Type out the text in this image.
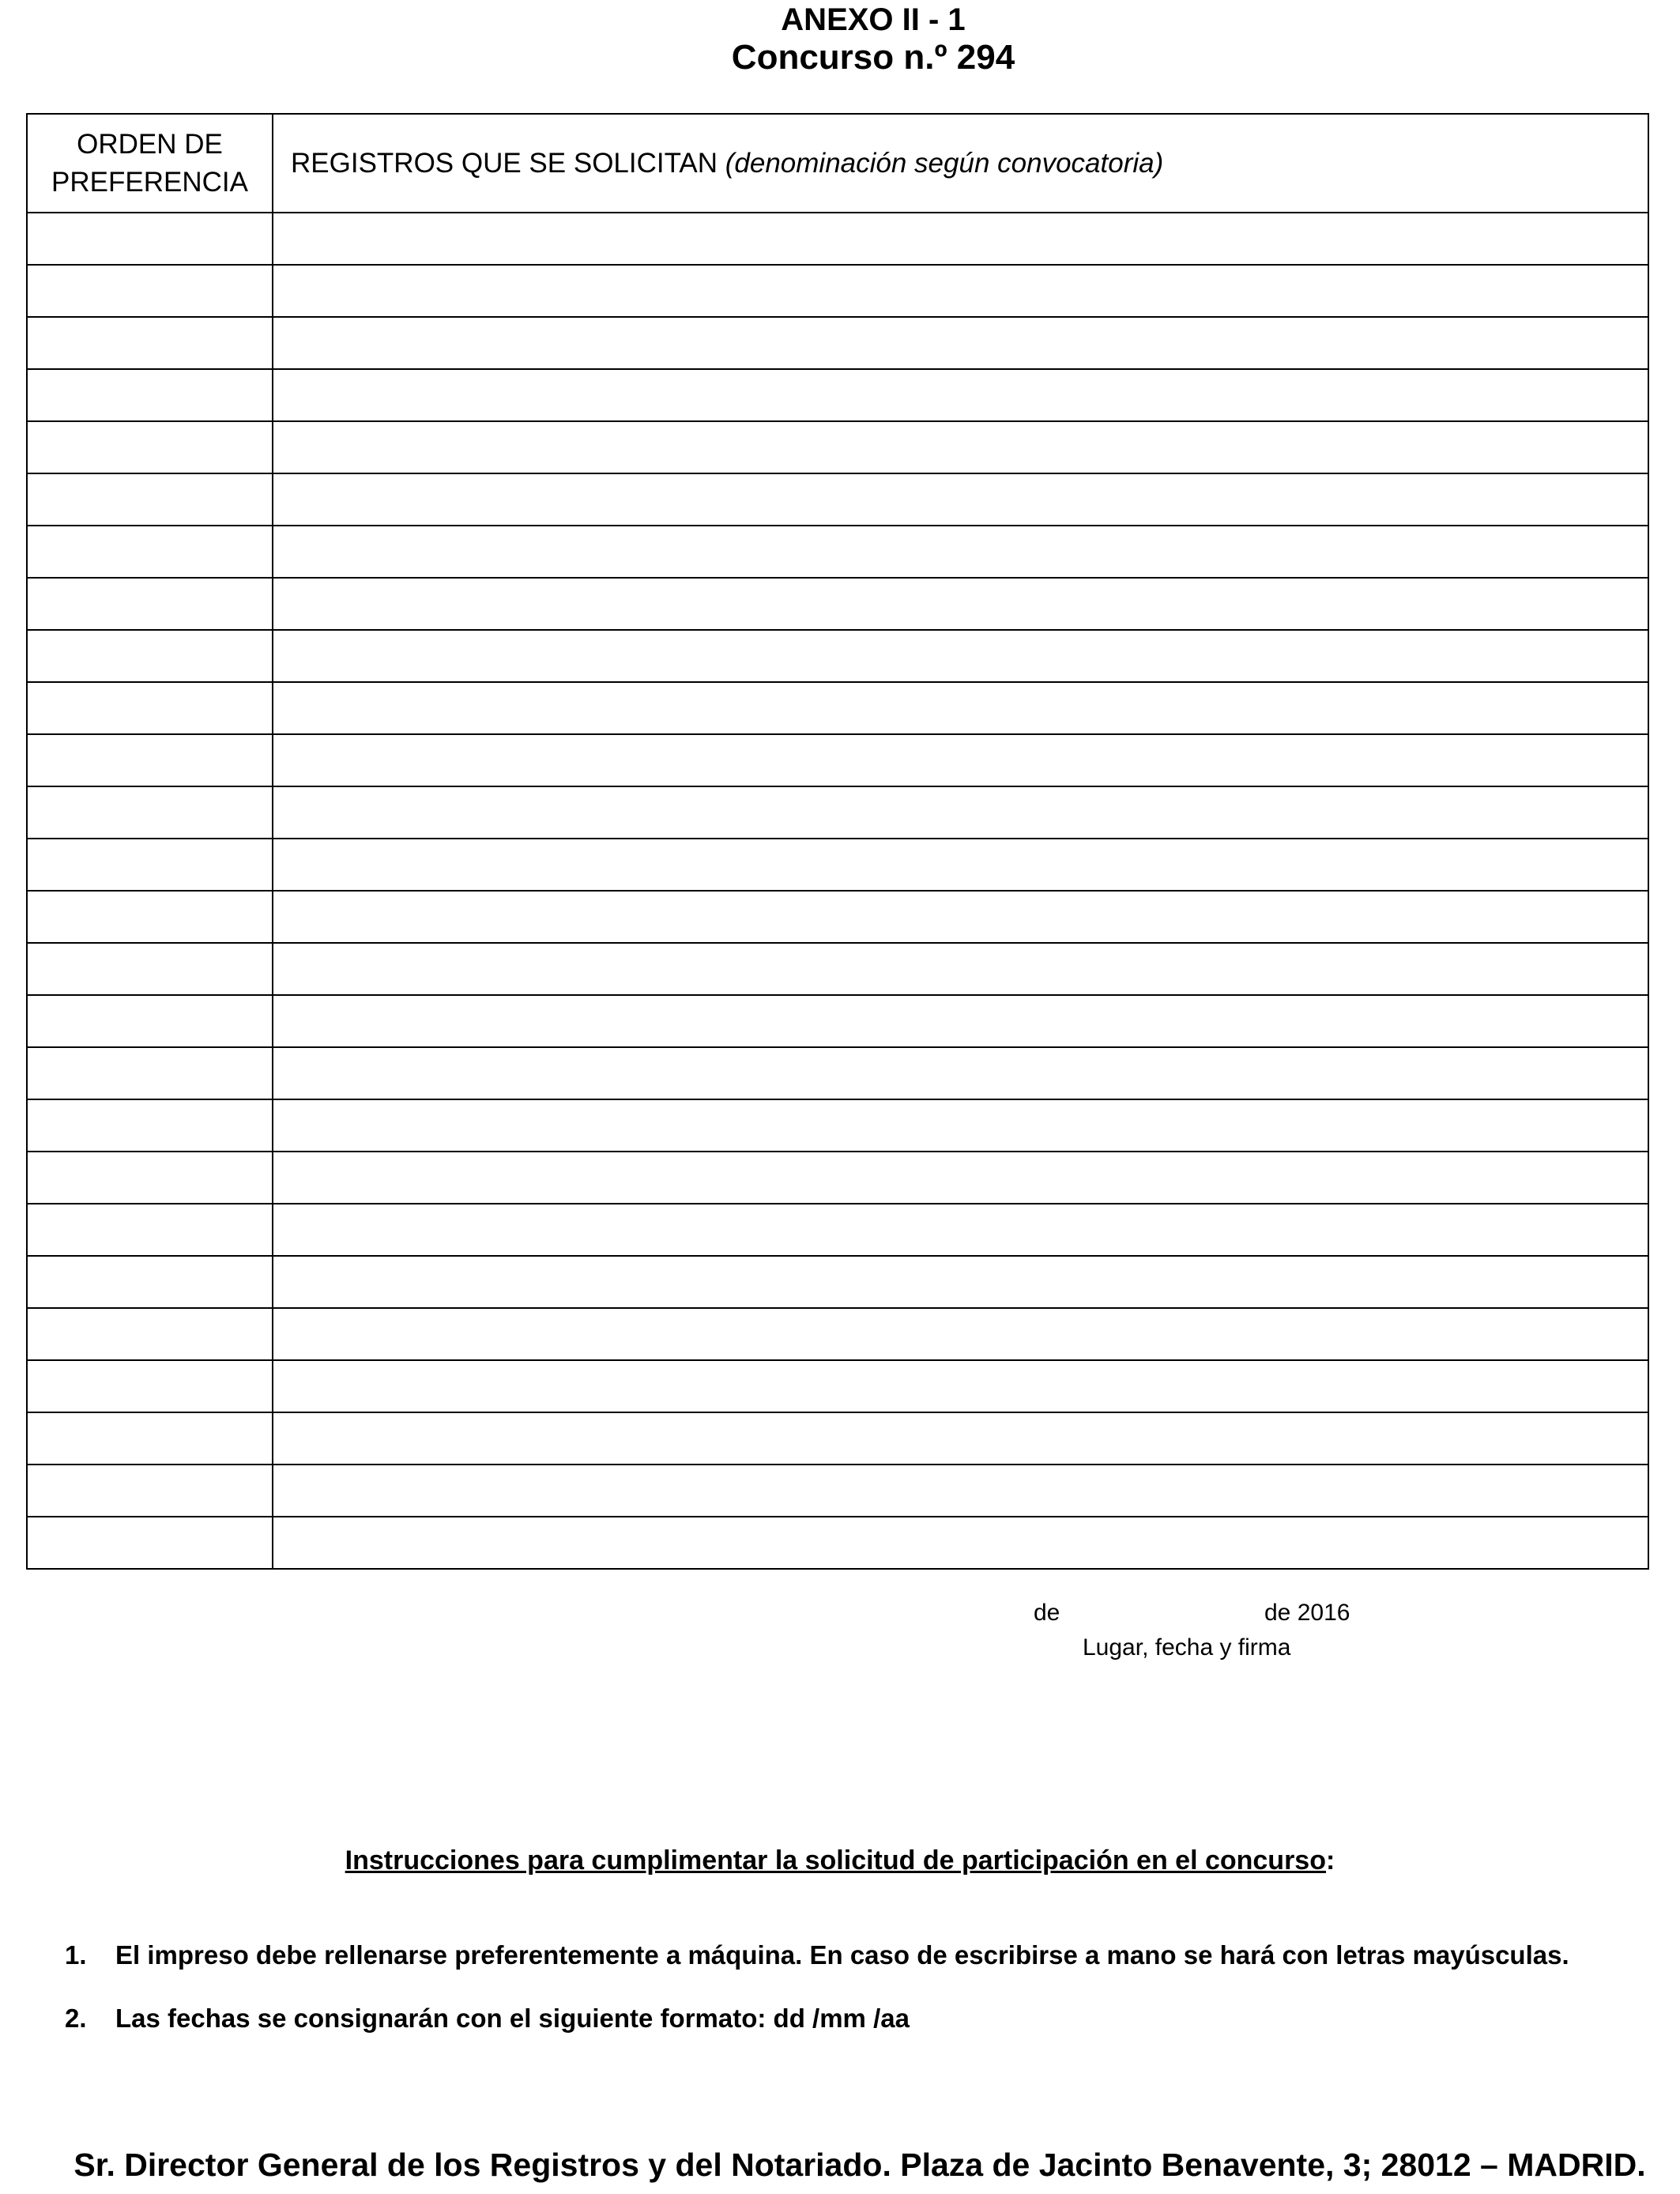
ANEXO II - 1
Concurso n.º 294
ORDEN DE
PREFERENCIA	REGISTROS QUE SE SOLICITAN (denominación según convocatoria)

de	de 2016
Lugar, fecha y firma
Instrucciones para cumplimentar la solicitud de participación en el concurso:
1. El impreso debe rellenarse preferentemente a máquina. En caso de escribirse a mano se hará con letras mayúsculas.
2. Las fechas se consignarán con el siguiente formato: dd /mm /aa
Sr. Director General de los Registros y del Notariado. Plaza de Jacinto Benavente, 3; 28012 – MADRID.
